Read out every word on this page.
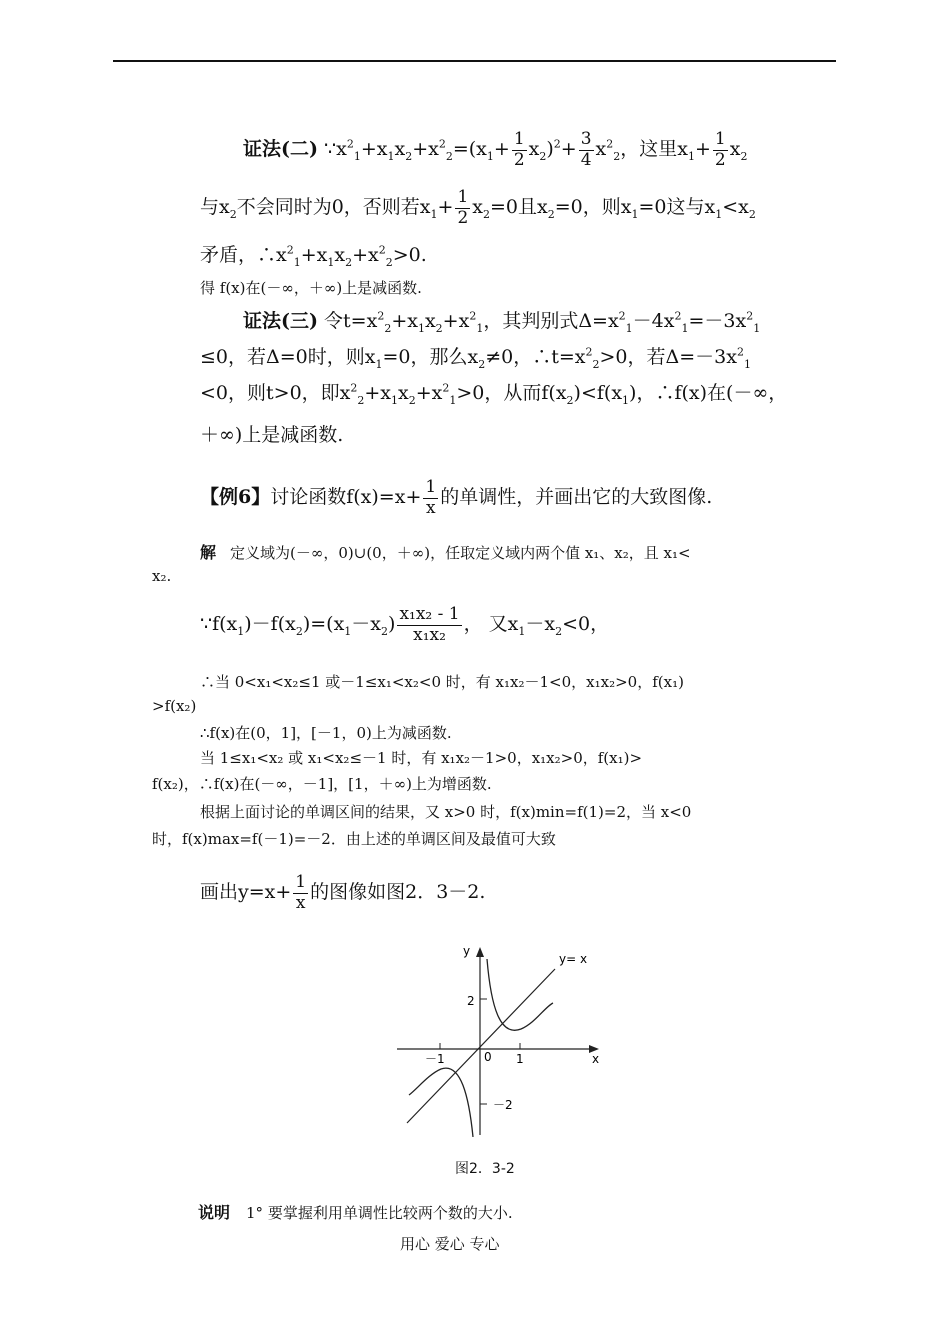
证法(二) $\because x^2_1+x_1x_2+x^2_2=(x_1+ \frac{1}{2} x_2)^2+ \frac{3}{4} x^2_2$，这里$x_1+ \frac{1}{2} x_2$
与$x_2$不会同时为0，否则若$x_1+ \frac{1}{2} x_2=0$且$x_2=0$，则$x_1=0$这与$x_1<x_2$
矛盾，$\therefore x^2_1+x_1x_2+x^2_2>0$.
得 f(x)在(－∞，＋∞)上是减函数.
证法(三) 令$t=x^2_2+x_1x_2+x^2_1$，其判别式$\Delta=x^2_1-4x^2_1=-3x^2_1$
≤0，若Δ=0时，则$x_1=0$，那么$x_2\ne 0$，$\therefore t=x^2_2>0$，若$\Delta=-3x^2_1$
<0，则t>0，即$x^2_2+x_1x_2+x^2_1>0$，从而$f(x_2)<f(x_1)$，∴f(x)在(－∞，
＋∞)上是减函数.
【例6】讨论函数$f(x)=x+ \frac{1}{x}$ 的单调性，并画出它的大致图像.
解 定义域为(－∞，0)∪(0，＋∞)，任取定义域内两个值 x₁、x₂，且 x₁<
x₂.
$\because f(x_1)-f(x_2)=(x_1-x_2) \frac{\text{x₁x₂ - 1}}{\text{x₁x₂}}$ ， 又$x_1-x_2<0$，
∴当 0<x₁<x₂≤1 或－1≤x₁<x₂<0 时，有 x₁x₂－1<0，x₁x₂>0，f(x₁)
>f(x₂)
∴f(x)在(0，1]，[－1，0)上为减函数.
当 1≤x₁<x₂ 或 x₁<x₂≤－1 时，有 x₁x₂－1>0，x₁x₂>0，f(x₁)>
f(x₂)，∴f(x)在(－∞，－1]，[1，＋∞)上为增函数.
根据上面讨论的单调区间的结果，又 x>0 时，f(x)min=f(1)=2，当 x<0
时，f(x)max=f(－1)=－2．由上述的单调区间及最值可大致
画出$y=x+ \frac{1}{x}$ 的图像如图2．3－2.
y
x
y= x
2
－2
－1	1
0
图2．3-2
说明 1° 要掌握利用单调性比较两个数的大小.
用心 爱心 专心
